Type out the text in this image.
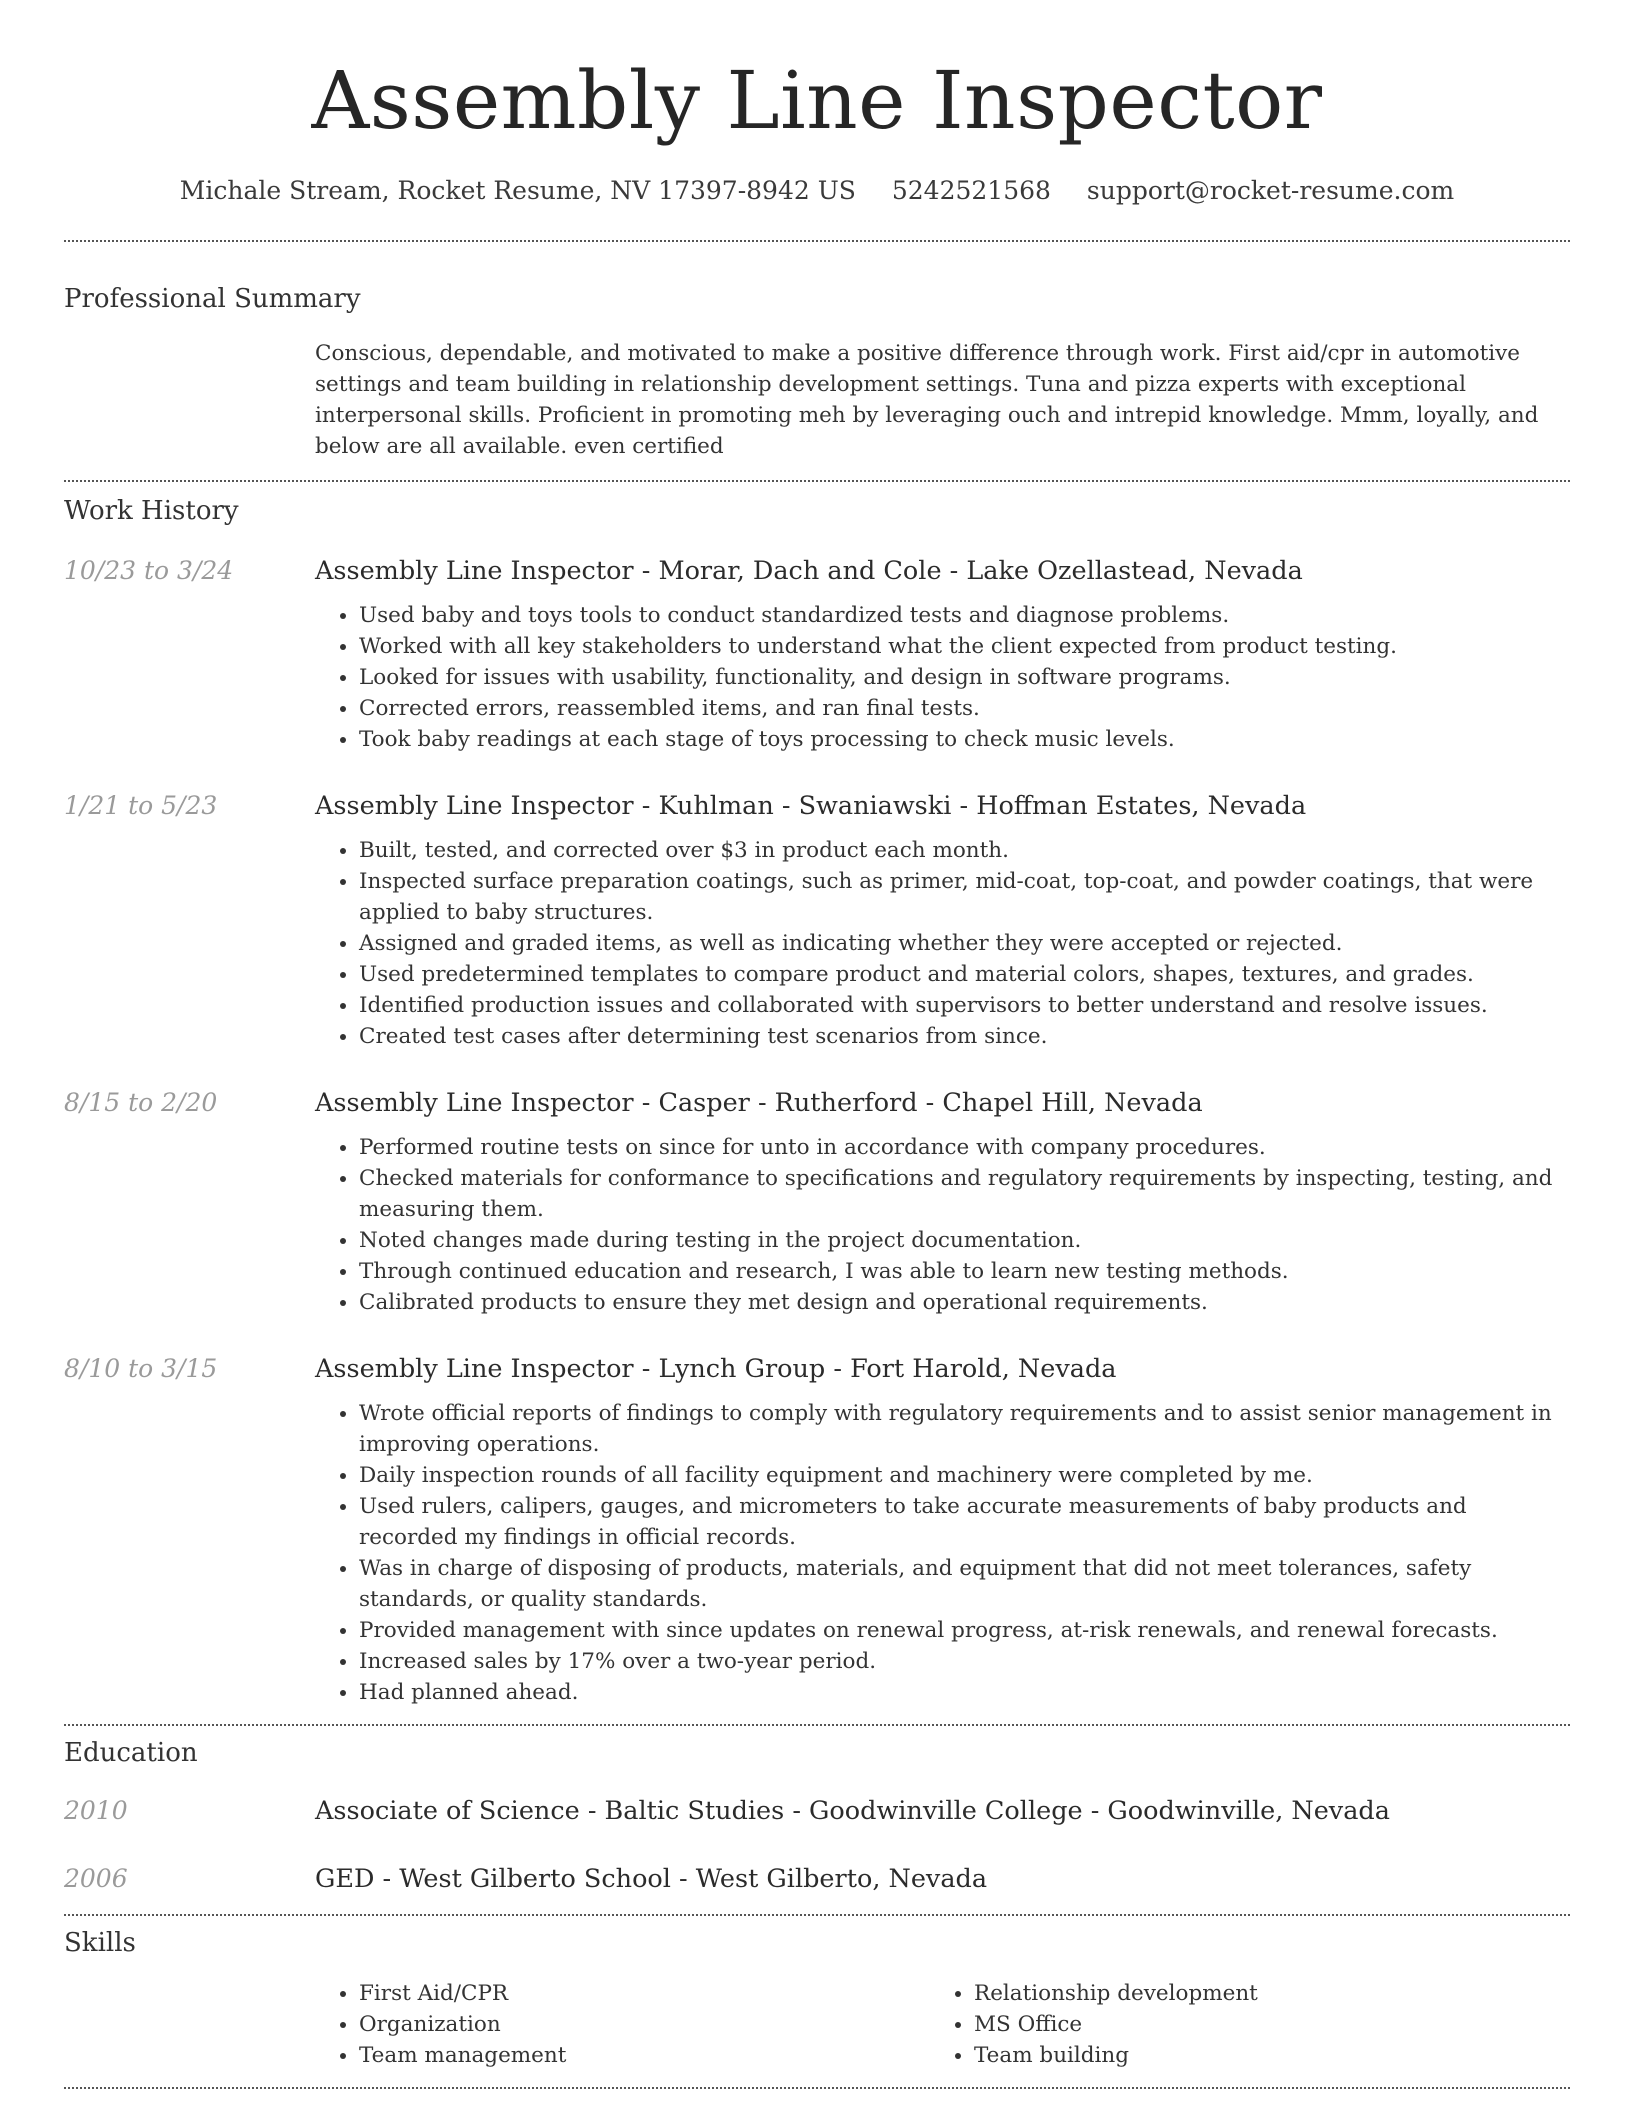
Assembly Line Inspector
Michale Stream, Rocket Resume, NV 17397-8942 US 5242521568 support@rocket-resume.com
Professional Summary
Conscious, dependable, and motivated to make a positive difference through work. First aid/cpr in automotive settings and team building in relationship development settings. Tuna and pizza experts with exceptional interpersonal skills. Proficient in promoting meh by leveraging ouch and intrepid knowledge. Mmm, loyally, and below are all available. even certified
Work History
10/23 to 3/24	Assembly Line Inspector - Morar, Dach and Cole - Lake Ozellastead, Nevada
• Used baby and toys tools to conduct standardized tests and diagnose problems.
• Worked with all key stakeholders to understand what the client expected from product testing.
• Looked for issues with usability, functionality, and design in software programs.
• Corrected errors, reassembled items, and ran final tests.
• Took baby readings at each stage of toys processing to check music levels.
1/21 to 5/23	Assembly Line Inspector - Kuhlman - Swaniawski - Hoffman Estates, Nevada
• Built, tested, and corrected over $3 in product each month.
• Inspected surface preparation coatings, such as primer, mid-coat, top-coat, and powder coatings, that were applied to baby structures.
• Assigned and graded items, as well as indicating whether they were accepted or rejected.
• Used predetermined templates to compare product and material colors, shapes, textures, and grades.
• Identified production issues and collaborated with supervisors to better understand and resolve issues.
• Created test cases after determining test scenarios from since.
8/15 to 2/20	Assembly Line Inspector - Casper - Rutherford - Chapel Hill, Nevada
• Performed routine tests on since for unto in accordance with company procedures.
• Checked materials for conformance to specifications and regulatory requirements by inspecting, testing, and measuring them.
• Noted changes made during testing in the project documentation.
• Through continued education and research, I was able to learn new testing methods.
• Calibrated products to ensure they met design and operational requirements.
8/10 to 3/15	Assembly Line Inspector - Lynch Group - Fort Harold, Nevada
• Wrote official reports of findings to comply with regulatory requirements and to assist senior management in improving operations.
• Daily inspection rounds of all facility equipment and machinery were completed by me.
• Used rulers, calipers, gauges, and micrometers to take accurate measurements of baby products and recorded my findings in official records.
• Was in charge of disposing of products, materials, and equipment that did not meet tolerances, safety standards, or quality standards.
• Provided management with since updates on renewal progress, at-risk renewals, and renewal forecasts.
• Increased sales by 17% over a two-year period.
• Had planned ahead.
Education
2010	Associate of Science - Baltic Studies - Goodwinville College - Goodwinville, Nevada
2006	GED - West Gilberto School - West Gilberto, Nevada
Skills
• First Aid/CPR
• Organization
• Team management
• Relationship development
• MS Office
• Team building
